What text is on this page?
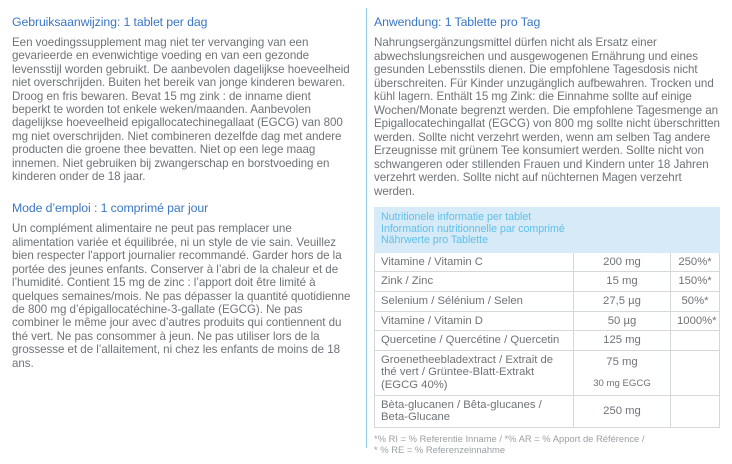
Gebruiksaanwijzing: 1 tablet per dag

Een voedingssupplement mag niet ter vervanging van een gevarieerde en evenwichtige voeding en van een gezonde levensstijl worden gebruikt. De aanbevolen dagelijkse hoeveelheid niet overschrijden. Buiten het bereik van jonge kinderen bewaren. Droog en fris bewaren. Bevat 15 mg zink : de inname dient beperkt te worden tot enkele weken/maanden. Aanbevolen dagelijkse hoeveelheid epigallocatechinegallaat (EGCG) van 800 mg niet overschrijden. Niet combineren dezelfde dag met andere producten die groene thee bevatten. Niet op een lege maag innemen. Niet gebruiken bij zwangerschap en borstvoeding en kinderen onder de 18 jaar.

Mode d’emploi : 1 comprimé par jour

Un complément alimentaire ne peut pas remplacer une alimentation variée et équilibrée, ni un style de vie sain. Veuillez bien respecter l'apport journalier recommandé. Garder hors de la portée des jeunes enfants. Conserver à l’abri de la chaleur et de l’humidité. Contient 15 mg de zinc : l’apport doit être limité à quelques semaines/mois. Ne pas dépasser la quantité quotidienne de 800 mg d’épigallocatéchine-3-gallate (EGCG). Ne pas combiner le même jour avec d’autres produits qui contiennent du thé vert. Ne pas consommer à jeun. Ne pas utiliser lors de la grossesse et de l’allaitement, ni chez les enfants de moins de 18 ans.

Anwendung: 1 Tablette pro Tag

Nahrungsergänzungsmittel dürfen nicht als Ersatz einer abwechslungsreichen und ausgewogenen Ernährung und eines gesunden Lebensstils dienen. Die empfohlene Tagesdosis nicht überschreiten. Für Kinder unzugänglich aufbewahren. Trocken und kühl lagern. Enthält 15 mg Zink: die Einnahme sollte auf einige Wochen/Monate begrenzt werden. Die empfohlene Tagesmenge an Epigallocatechingallat (EGCG) von 800 mg sollte nicht überschritten werden. Sollte nicht verzehrt werden, wenn am selben Tag andere Erzeugnisse mit grünem Tee konsumiert werden. Sollte nicht von schwangeren oder stillenden Frauen und Kindern unter 18 Jahren verzehrt werden. Sollte nicht auf nüchternen Magen verzehrt werden.

Nutritionele informatie per tablet
Information nutritionnelle par comprimé
Nährwerte pro Tablette		

Vitamine / Vitamin C	200 mg	250%*
Zink / Zinc	15 mg	150%*
Selenium / Sélénium / Selen	27,5 µg	50%*
Vitamine / Vitamin D	50 µg	1000%*
Quercetine / Quercétine / Quercetin	125 mg	
Groenetheebladextract / Extrait de thé vert / Grüntee-Blatt-Extrakt (EGCG 40%)	75 mg
30 mg EGCG	

Bèta-glucanen / Bêta-glucanes / Beta-Glucane	250 mg	
*% RI = % Referentie Inname / *% AR = % Apport de Référence /
* % RE = % Referenzeinnahme
